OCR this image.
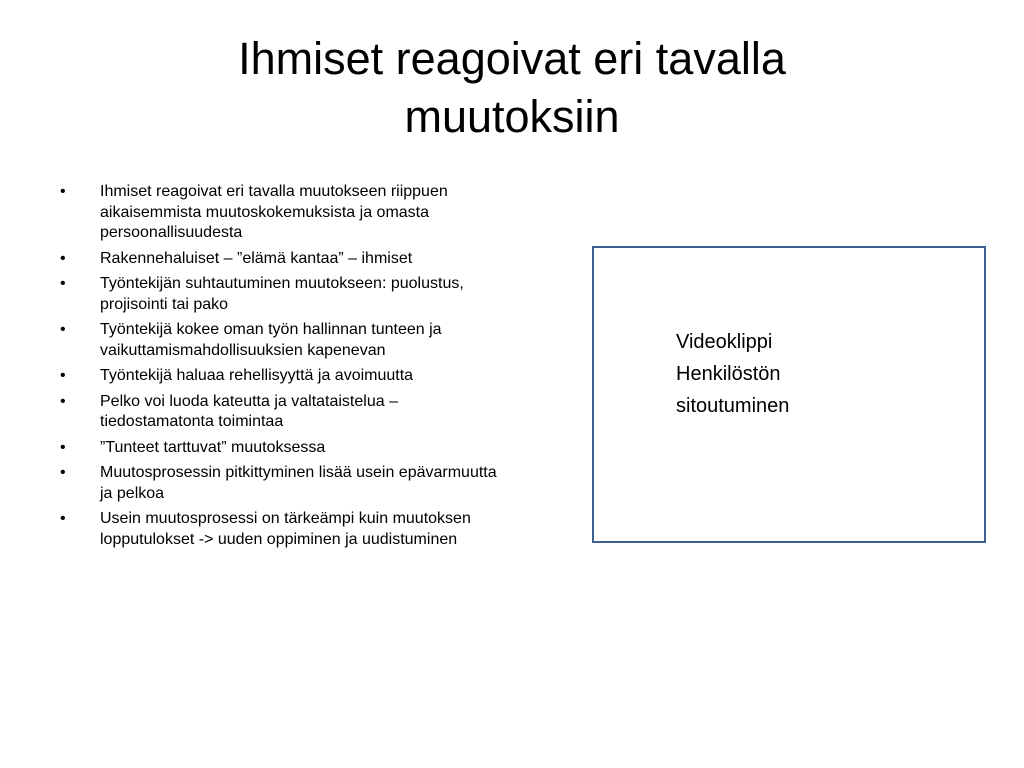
Ihmiset reagoivat eri tavalla
muutoksiin
• Ihmiset reagoivat eri tavalla muutokseen riippuen aikaisemmista muutoskokemuksista ja omasta persoonallisuudesta
• Rakennehaluiset – ”elämä kantaa” – ihmiset
• Työntekijän suhtautuminen muutokseen: puolustus, projisointi tai pako
• Työntekijä kokee oman työn hallinnan tunteen ja vaikuttamismahdollisuuksien kapenevan
• Työntekijä haluaa rehellisyyttä ja avoimuutta
• Pelko voi luoda kateutta ja valtataistelua – tiedostamatonta toimintaa
• ”Tunteet tarttuvat” muutoksessa
• Muutosprosessin pitkittyminen lisää usein epävarmuutta ja pelkoa
• Usein muutosprosessi on tärkeämpi kuin muutoksen lopputulokset -> uuden oppiminen ja uudistuminen
Videoklippi
Henkilöstön
sitoutuminen
